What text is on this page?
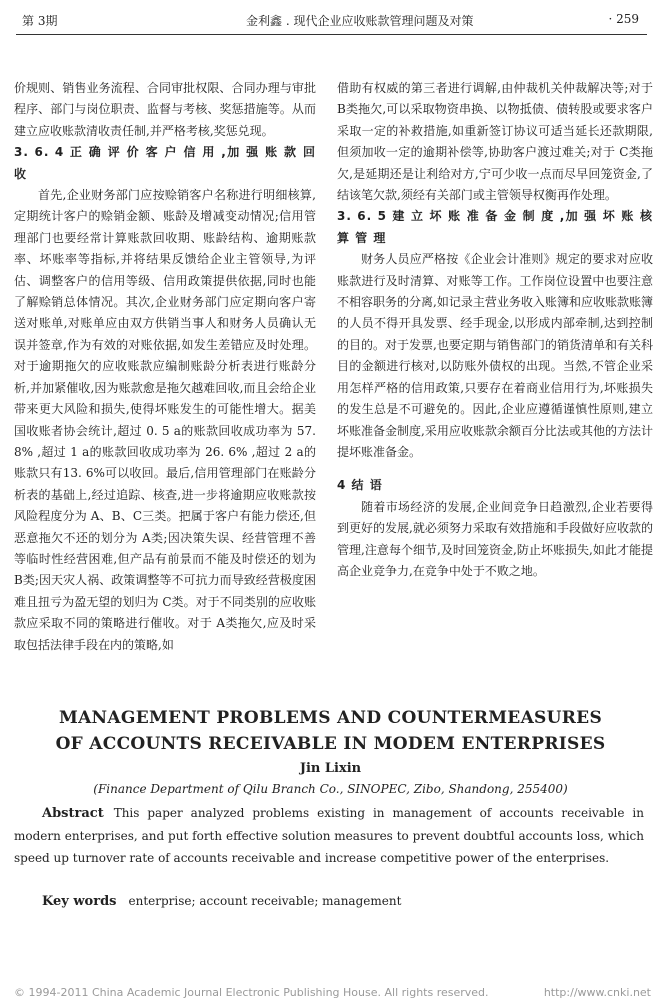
第 3期	金利鑫 . 现代企业应收账款管理问题及对策	· 259

价规则、销售业务流程、合同审批权限、合同办理与审批程序、部门与岗位职责、监督与考核、奖惩措施等。从而建立应收账款清收责任制,并严格考核,奖惩兑现。

3. 6. 4 正 确 评 价 客 户 信 用 ,加 强 账 款 回 收

首先,企业财务部门应按赊销客户名称进行明细核算,定期统计客户的赊销金额、账龄及增减变动情况;信用管理部门也要经常计算账款回收期、账龄结构、逾期账款率、坏账率等指标,并将结果反馈给企业主管领导,为评估、调整客户的信用等级、信用政策提供依据,同时也能了解赊销总体情况。其次,企业财务部门应定期向客户寄送对账单,对账单应由双方供销当事人和财务人员确认无误并签章,作为有效的对账依据,如发生差错应及时处理。对于逾期拖欠的应收账款应编制账龄分析表进行账龄分析,并加紧催收,因为账款愈是拖欠越难回收,而且会给企业带来更大风险和损失,使得坏账发生的可能性增大。据美国收账者协会统计,超过 0. 5 a的账款回收成功率为 57. 8% ,超过 1 a的账款回收成功率为 26. 6% ,超过 2 a的账款只有13. 6%可以收回。最后,信用管理部门在账龄分析表的基础上,经过追踪、核查,进一步将逾期应收账款按风险程度分为 A、B、C三类。把属于客户有能力偿还,但恶意拖欠不还的划分为 A类;因决策失误、经营管理不善等临时性经营困难,但产品有前景而不能及时偿还的划为 B类;因天灾人祸、政策调整等不可抗力而导致经营极度困难且扭亏为盈无望的划归为 C类。对于不同类别的应收账款应采取不同的策略进行催收。对于 A类拖欠,应及时采取包括法律手段在内的策略,如

借助有权威的第三者进行调解,由仲裁机关仲裁解决等;对于 B类拖欠,可以采取物资串换、以物抵债、债转股或要求客户采取一定的补救措施,如重新签订协议可适当延长还款期限,但须加收一定的逾期补偿等,协助客户渡过难关;对于 C类拖欠,是延期还是让利给对方,宁可少收一点而尽早回笼资金,了结该笔欠款,须经有关部门或主管领导权衡再作处理。

3. 6. 5 建 立 坏 账 准 备 金 制 度 ,加 强 坏 账 核 算 管 理

财务人员应严格按《企业会计准则》规定的要求对应收账款进行及时清算、对账等工作。工作岗位设置中也要注意不相容职务的分离,如记录主营业务收入账簿和应收账款账簿的人员不得开具发票、经手现金,以形成内部牵制,达到控制的目的。对于发票,也要定期与销售部门的销货清单和有关科目的金额进行核对,以防账外债权的出现。当然,不管企业采用怎样严格的信用政策,只要存在着商业信用行为,坏账损失的发生总是不可避免的。因此,企业应遵循谨慎性原则,建立坏账准备金制度,采用应收账款余额百分比法或其他的方法计提坏账准备金。

4 结 语

随着市场经济的发展,企业间竞争日趋激烈,企业若要得到更好的发展,就必须努力采取有效措施和手段做好应收款的管理,注意每个细节,及时回笼资金,防止坏账损失,如此才能提高企业竞争力,在竞争中处于不败之地。

MANAGEMENT PROBLEMS AND COUNTERMEASURES
OF ACCOUNTS RECEIVABLE IN MODEM ENTERPRISES
Jin Lixin
(Finance Department of Qilu Branch Co., SINOPEC, Zibo, Shandong, 255400)
Abstract This paper analyzed problems existing in management of accounts receivable in modern enterprises, and put forth effective solution measures to prevent doubtful accounts loss, which speed up turnover rate of accounts receivable and increase competitive power of the enterprises.
Key words enterprise; account receivable; management
© 1994-2011 China Academic Journal Electronic Publishing House. All rights reserved.	http://www.cnki.net
